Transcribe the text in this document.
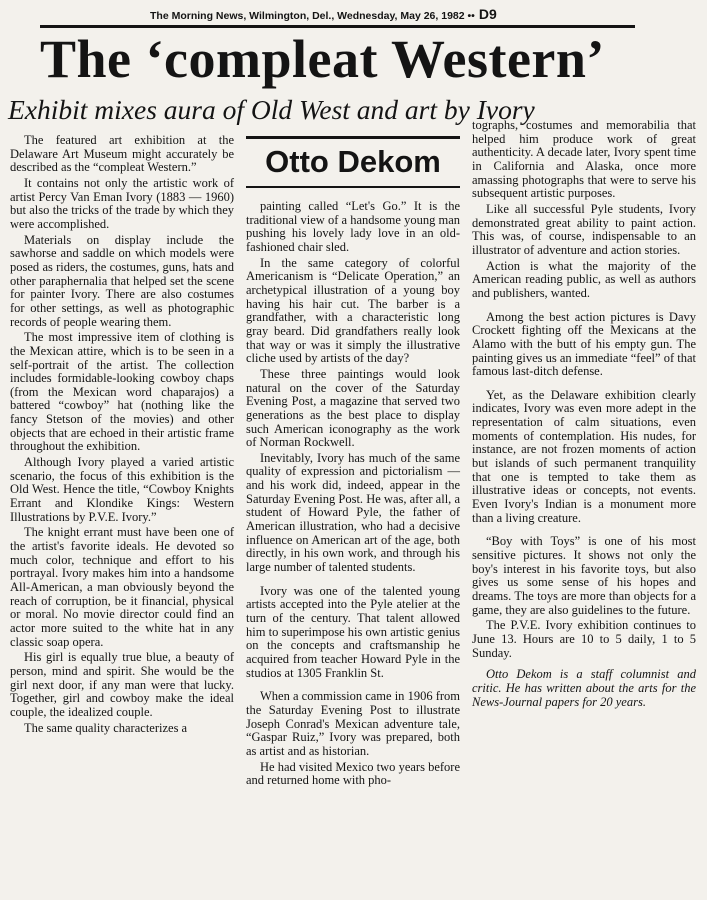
The Morning News, Wilmington, Del., Wednesday, May 26, 1982 •• D9
The ‘compleat Western’
Exhibit mixes aura of Old West and art by Ivory

The featured art exhibition at the Delaware Art Museum might accurately be described as the “compleat Western.”

It contains not only the artistic work of artist Percy Van Eman Ivory (1883 — 1960) but also the tricks of the trade by which they were accomplished.

Materials on display include the sawhorse and saddle on which models were posed as riders, the costumes, guns, hats and other paraphernalia that helped set the scene for painter Ivory. There are also costumes for other settings, as well as photographic records of people wearing them.

The most impressive item of clothing is the Mexican attire, which is to be seen in a self-portrait of the artist. The collection includes formidable-looking cowboy chaps (from the Mexican word chaparajos) a battered “cowboy” hat (nothing like the fancy Stetson of the movies) and other objects that are echoed in their artistic frame throughout the exhibition.

Although Ivory played a varied artistic scenario, the focus of this exhibition is the Old West. Hence the title, “Cowboy Knights Errant and Klondike Kings: Western Illustrations by P.V.E. Ivory.”

The knight errant must have been one of the artist's favorite ideals. He devoted so much color, technique and effort to his portrayal. Ivory makes him into a handsome All-American, a man obviously beyond the reach of corruption, be it financial, physical or moral. No movie director could find an actor more suited to the white hat in any classic soap opera.

His girl is equally true blue, a beauty of person, mind and spirit. She would be the girl next door, if any man were that lucky. Together, girl and cowboy make the ideal couple, the idealized couple.

The same quality characterizes a

Otto Dekom

painting called “Let's Go.” It is the traditional view of a handsome young man pushing his lovely lady love in an old-fashioned chair sled.

In the same category of colorful Americanism is “Delicate Operation,” an archetypical illustration of a young boy having his hair cut. The barber is a grandfather, with a characteristic long gray beard. Did grandfathers really look that way or was it simply the illustrative cliche used by artists of the day?

These three paintings would look natural on the cover of the Saturday Evening Post, a magazine that served two generations as the best place to display such American iconography as the work of Norman Rockwell.

Inevitably, Ivory has much of the same quality of expression and pictorialism — and his work did, indeed, appear in the Saturday Evening Post. He was, after all, a student of Howard Pyle, the father of American illustration, who had a decisive influence on American art of the age, both directly, in his own work, and through his large number of talented students.

Ivory was one of the talented young artists accepted into the Pyle atelier at the turn of the century. That talent allowed him to superimpose his own artistic genius on the concepts and craftsmanship he acquired from teacher Howard Pyle in the studios at 1305 Franklin St.

When a commission came in 1906 from the Saturday Evening Post to illustrate Joseph Conrad's Mexican adventure tale, “Gaspar Ruiz,” Ivory was prepared, both as artist and as historian.

He had visited Mexico two years before and returned home with pho-

tographs, costumes and memorabilia that helped him produce work of great authenticity. A decade later, Ivory spent time in California and Alaska, once more amassing photographs that were to serve his subsequent artistic purposes.

Like all successful Pyle students, Ivory demonstrated great ability to paint action. This was, of course, indispensable to an illustrator of adventure and action stories.

Action is what the majority of the American reading public, as well as authors and publishers, wanted.

Among the best action pictures is Davy Crockett fighting off the Mexicans at the Alamo with the butt of his empty gun. The painting gives us an immediate “feel” of that famous last-ditch defense.

Yet, as the Delaware exhibition clearly indicates, Ivory was even more adept in the representation of calm situations, even moments of contemplation. His nudes, for instance, are not frozen moments of action but islands of such permanent tranquility that one is tempted to take them as illustrative ideas or concepts, not events. Even Ivory's Indian is a monument more than a living creature.

“Boy with Toys” is one of his most sensitive pictures. It shows not only the boy's interest in his favorite toys, but also gives us some sense of his hopes and dreams. The toys are more than objects for a game, they are also guidelines to the future.

The P.V.E. Ivory exhibition continues to June 13. Hours are 10 to 5 daily, 1 to 5 Sunday.

Otto Dekom is a staff columnist and critic. He has written about the arts for the News-Journal papers for 20 years.
